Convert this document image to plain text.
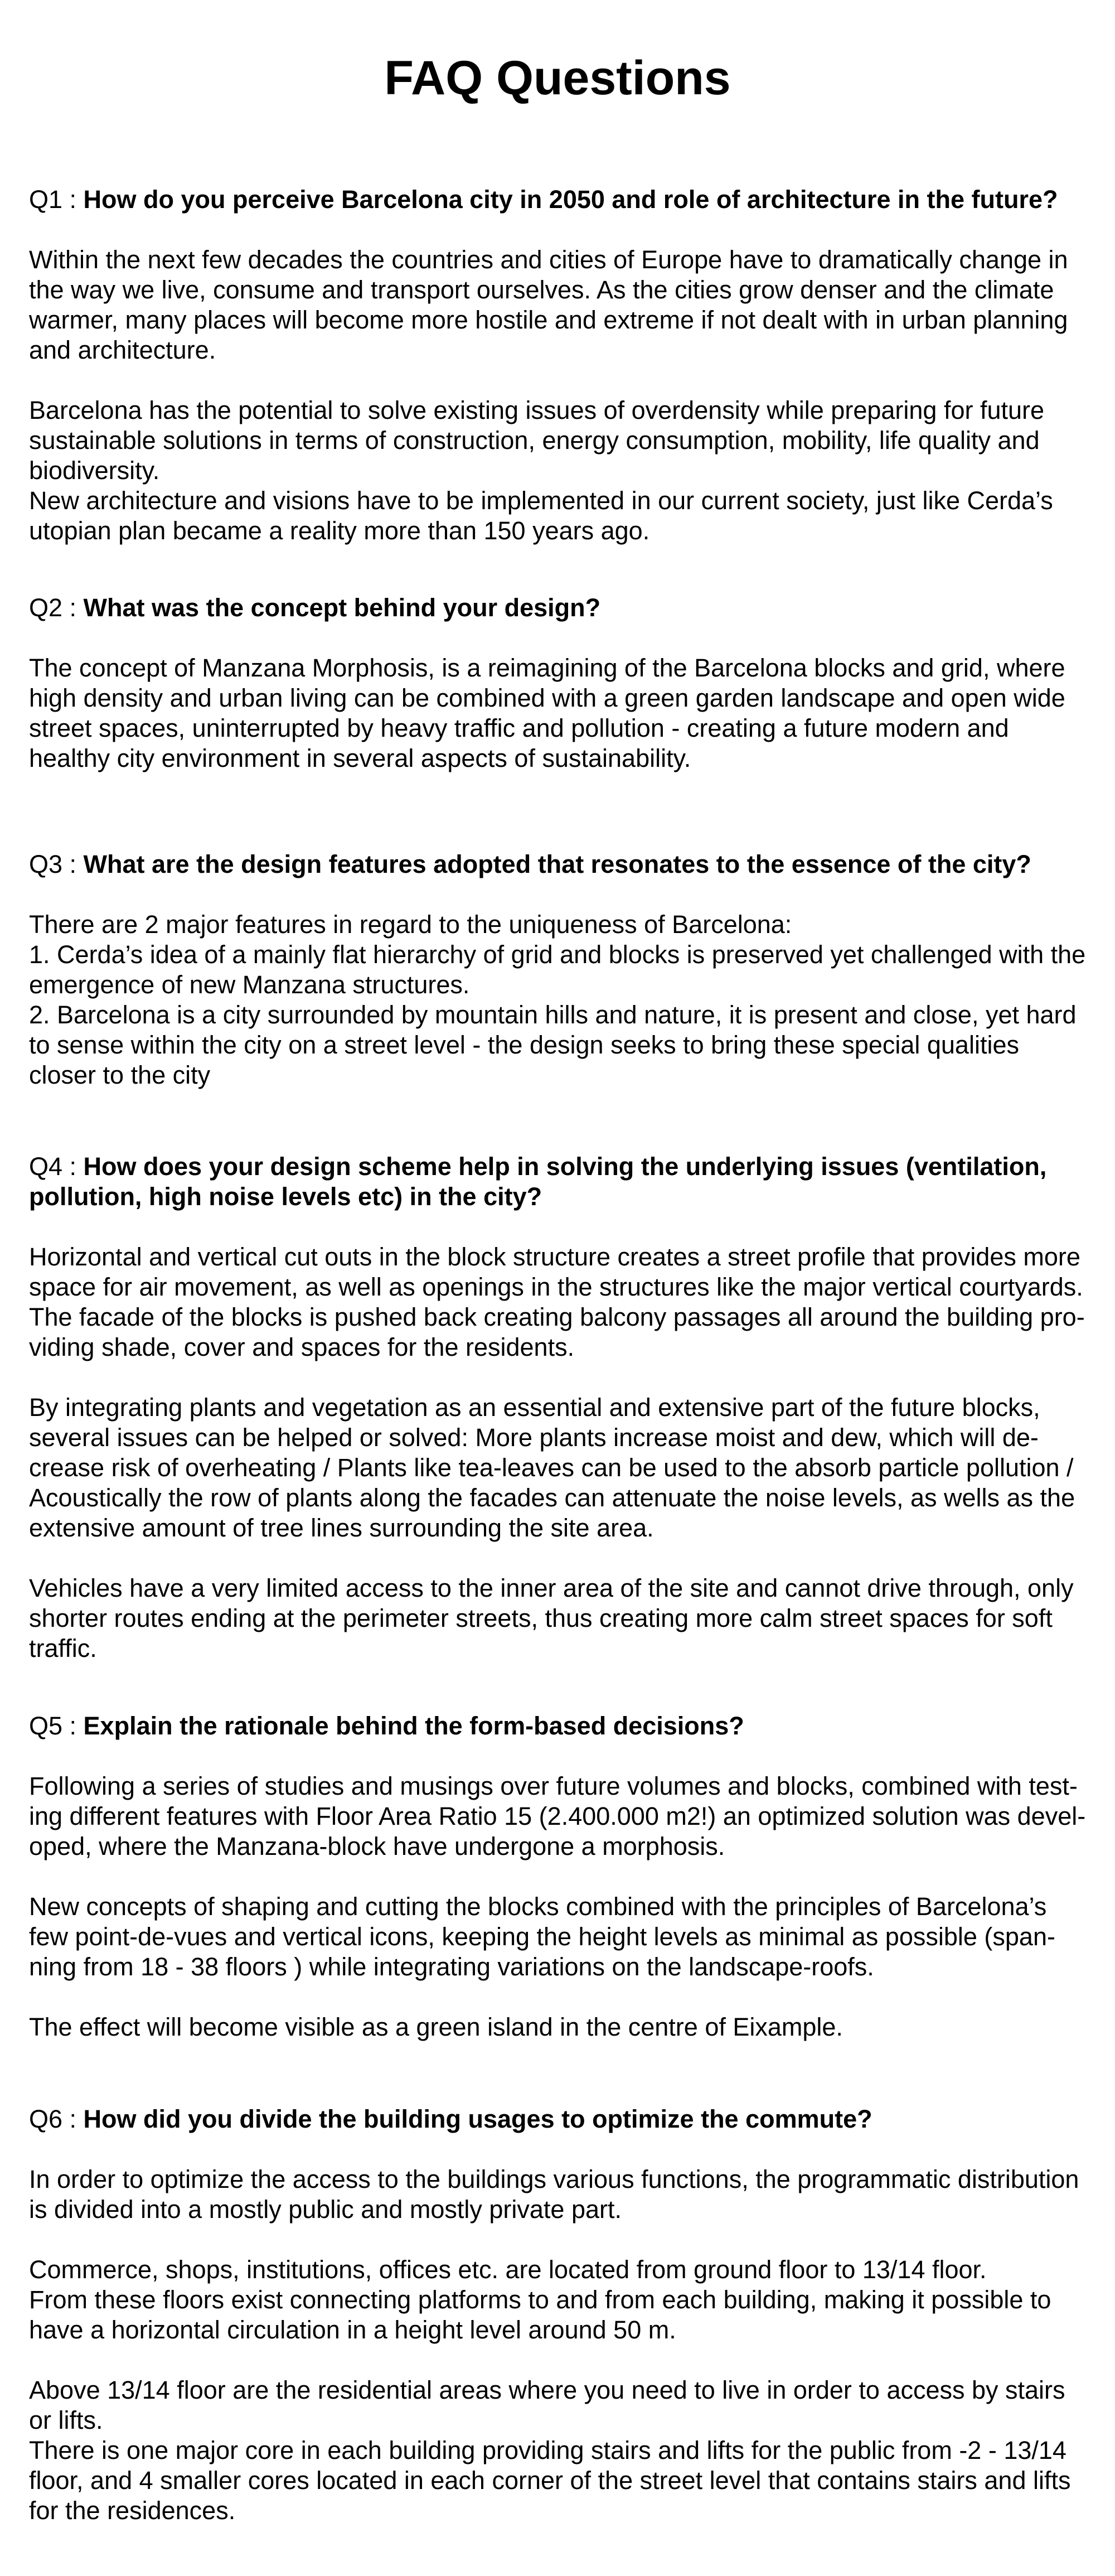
FAQ Questions

Q1 : How do you perceive Barcelona city in 2050 and role of architecture in the future?

Within the next few decades the countries and cities of Europe have to dramatically change in
the way we live, consume and transport ourselves. As the cities grow denser and the climate
warmer, many places will become more hostile and extreme if not dealt with in urban planning
and architecture.

Barcelona has the potential to solve existing issues of overdensity while preparing for future
sustainable solutions in terms of construction, energy consumption, mobility, life quality and
biodiversity.
New architecture and visions have to be implemented in our current society, just like Cerda’s
utopian plan became a reality more than 150 years ago.

Q2 : What was the concept behind your design?

The concept of Manzana Morphosis, is a reimagining of the Barcelona blocks and grid, where
high density and urban living can be combined with a green garden landscape and open wide
street spaces, uninterrupted by heavy traffic and pollution - creating a future modern and
healthy city environment in several aspects of sustainability.

Q3 : What are the design features adopted that resonates to the essence of the city?

There are 2 major features in regard to the uniqueness of Barcelona:
1. Cerda’s idea of a mainly flat hierarchy of grid and blocks is preserved yet challenged with the
emergence of new Manzana structures.
2. Barcelona is a city surrounded by mountain hills and nature, it is present and close, yet hard
to sense within the city on a street level - the design seeks to bring these special qualities
closer to the city

Q4 : How does your design scheme help in solving the underlying issues (ventilation,
pollution, high noise levels etc) in the city?

Horizontal and vertical cut outs in the block structure creates a street profile that provides more
space for air movement, as well as openings in the structures like the major vertical courtyards.
The facade of the blocks is pushed back creating balcony passages all around the building pro-
viding shade, cover and spaces for the residents.

By integrating plants and vegetation as an essential and extensive part of the future blocks,
several issues can be helped or solved: More plants increase moist and dew, which will de-
crease risk of overheating / Plants like tea-leaves can be used to the absorb particle pollution /
Acoustically the row of plants along the facades can attenuate the noise levels, as wells as the
extensive amount of tree lines surrounding the site area.

Vehicles have a very limited access to the inner area of the site and cannot drive through, only
shorter routes ending at the perimeter streets, thus creating more calm street spaces for soft
traffic.

Q5 : Explain the rationale behind the form-based decisions?

Following a series of studies and musings over future volumes and blocks, combined with test-
ing different features with Floor Area Ratio 15 (2.400.000 m2!) an optimized solution was devel-
oped, where the Manzana-block have undergone a morphosis.

New concepts of shaping and cutting the blocks combined with the principles of Barcelona’s
few point-de-vues and vertical icons, keeping the height levels as minimal as possible (span-
ning from 18 - 38 floors ) while integrating variations on the landscape-roofs.

The effect will become visible as a green island in the centre of Eixample.

Q6 : How did you divide the building usages to optimize the commute?

In order to optimize the access to the buildings various functions, the programmatic distribution
is divided into a mostly public and mostly private part.

Commerce, shops, institutions, offices etc. are located from ground floor to 13/14 floor.
From these floors exist connecting platforms to and from each building, making it possible to
have a horizontal circulation in a height level around 50 m.

Above 13/14 floor are the residential areas where you need to live in order to access by stairs
or lifts.
There is one major core in each building providing stairs and lifts for the public from -2 - 13/14
floor, and 4 smaller cores located in each corner of the street level that contains stairs and lifts
for the residences.
